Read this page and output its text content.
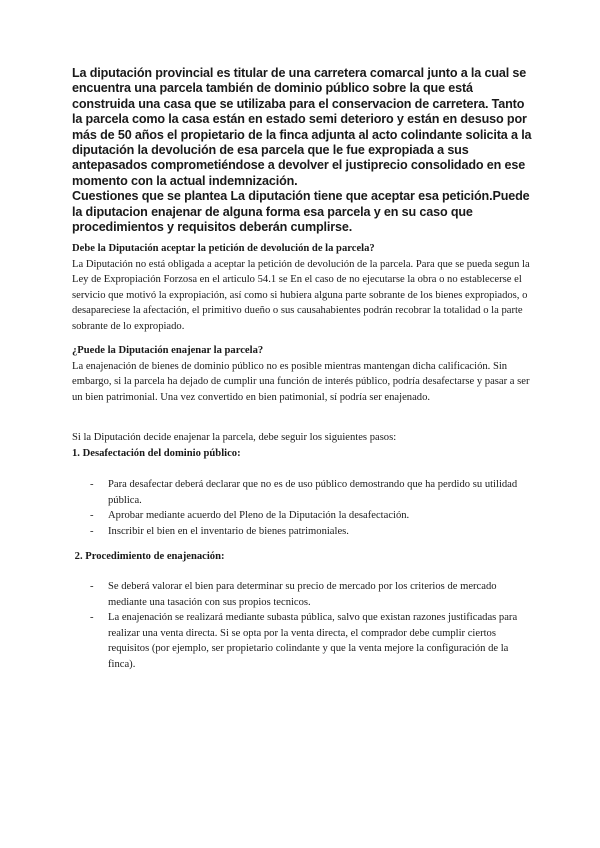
La diputación provincial es titular de una carretera comarcal junto a la cual se encuentra una parcela también de dominio público sobre la que está construida una casa que se utilizaba para el conservacion de carretera. Tanto la parcela como la casa están en estado semi deterioro y están en desuso por más de 50 años el propietario de la finca adjunta al acto colindante solicita a la diputación la devolución de esa parcela que le fue expropiada a sus antepasados comprometiéndose a devolver el justiprecio consolidado en ese momento con la actual indemnización.

Cuestiones que se plantea La diputación tiene que aceptar esa petición.Puede la diputacion enajenar de alguna forma esa parcela y en su caso que procedimientos y requisitos deberán cumplirse.

Debe la Diputación aceptar la petición de devolución de la parcela?

La Diputación no está obligada a aceptar la petición de devolución de la parcela. Para que se pueda segun la Ley de Expropiación Forzosa en el articulo 54.1 se En el caso de no ejecutarse la obra o no establecerse el servicio que motivó la expropiación, así como si hubiera alguna parte sobrante de los bienes expropiados, o desapareciese la afectación, el primitivo dueño o sus causahabientes podrán recobrar la totalidad o la parte sobrante de lo expropiado.

¿Puede la Diputación enajenar la parcela?

La enajenación de bienes de dominio público no es posible mientras mantengan dicha calificación. Sin embargo, si la parcela ha dejado de cumplir una función de interés público, podría desafectarse y pasar a ser un bien patrimonial. Una vez convertido en bien patimonial, sí podría ser enajenado.

Si la Diputación decide enajenar la parcela, debe seguir los siguientes pasos:

1. Desafectación del dominio público:

- Para desafectar deberá declarar que no es de uso público demostrando que ha perdido su utilidad pública.
- Aprobar mediante acuerdo del Pleno de la Diputación la desafectación.
- Inscribir el bien en el inventario de bienes patrimoniales.

2. Procedimiento de enajenación:

- Se deberá valorar el bien para determinar su precio de mercado por los criterios de mercado mediante una tasación con sus propios tecnicos.
- La enajenación se realizará mediante subasta pública, salvo que existan razones justificadas para realizar una venta directa. Si se opta por la venta directa, el comprador debe cumplir ciertos requisitos (por ejemplo, ser propietario colindante y que la venta mejore la configuración de la finca).
